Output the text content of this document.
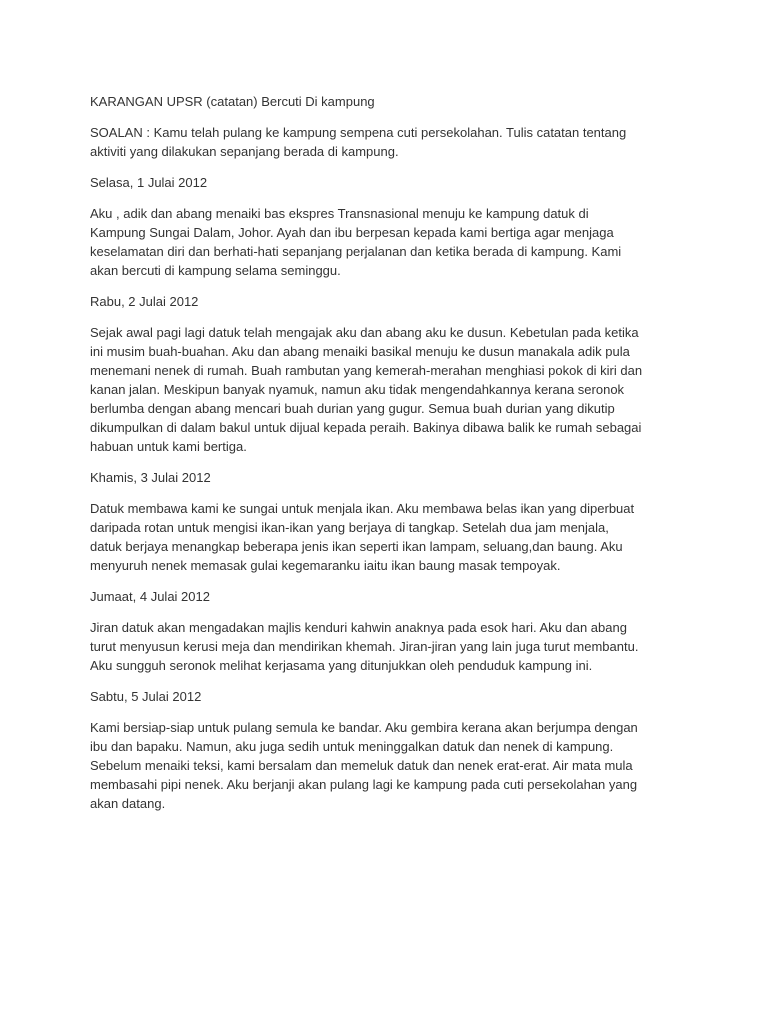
KARANGAN UPSR (catatan) Bercuti Di kampung

SOALAN : Kamu telah pulang ke kampung sempena cuti persekolahan. Tulis catatan tentang
aktiviti yang dilakukan sepanjang berada di kampung.

Selasa, 1 Julai 2012

Aku , adik dan abang menaiki bas ekspres Transnasional menuju ke kampung datuk di
Kampung Sungai Dalam, Johor. Ayah dan ibu berpesan kepada kami bertiga agar menjaga
keselamatan diri dan berhati-hati sepanjang perjalanan dan ketika berada di kampung. Kami
akan bercuti di kampung selama seminggu.

Rabu, 2 Julai 2012

Sejak awal pagi lagi datuk telah mengajak aku dan abang aku ke dusun. Kebetulan pada ketika
ini musim buah-buahan. Aku dan abang menaiki basikal menuju ke dusun manakala adik pula
menemani nenek di rumah. Buah rambutan yang kemerah-merahan menghiasi pokok di kiri dan
kanan jalan. Meskipun banyak nyamuk, namun aku tidak mengendahkannya kerana seronok
berlumba dengan abang mencari buah durian yang gugur. Semua buah durian yang dikutip
dikumpulkan di dalam bakul untuk dijual kepada peraih. Bakinya dibawa balik ke rumah sebagai
habuan untuk kami bertiga.

Khamis, 3 Julai 2012

Datuk membawa kami ke sungai untuk menjala ikan. Aku membawa belas ikan yang diperbuat
daripada rotan untuk mengisi ikan-ikan yang berjaya di tangkap. Setelah dua jam menjala,
datuk berjaya menangkap beberapa jenis ikan seperti ikan lampam, seluang,dan baung. Aku
menyuruh nenek memasak gulai kegemaranku iaitu ikan baung masak tempoyak.

Jumaat, 4 Julai 2012

Jiran datuk akan mengadakan majlis kenduri kahwin anaknya pada esok hari. Aku dan abang
turut menyusun kerusi meja dan mendirikan khemah. Jiran-jiran yang lain juga turut membantu.
Aku sungguh seronok melihat kerjasama yang ditunjukkan oleh penduduk kampung ini.

Sabtu, 5 Julai 2012

Kami bersiap-siap untuk pulang semula ke bandar. Aku gembira kerana akan berjumpa dengan
ibu dan bapaku. Namun, aku juga sedih untuk meninggalkan datuk dan nenek di kampung.
Sebelum menaiki teksi, kami bersalam dan memeluk datuk dan nenek erat-erat. Air mata mula
membasahi pipi nenek. Aku berjanji akan pulang lagi ke kampung pada cuti persekolahan yang
akan datang.
